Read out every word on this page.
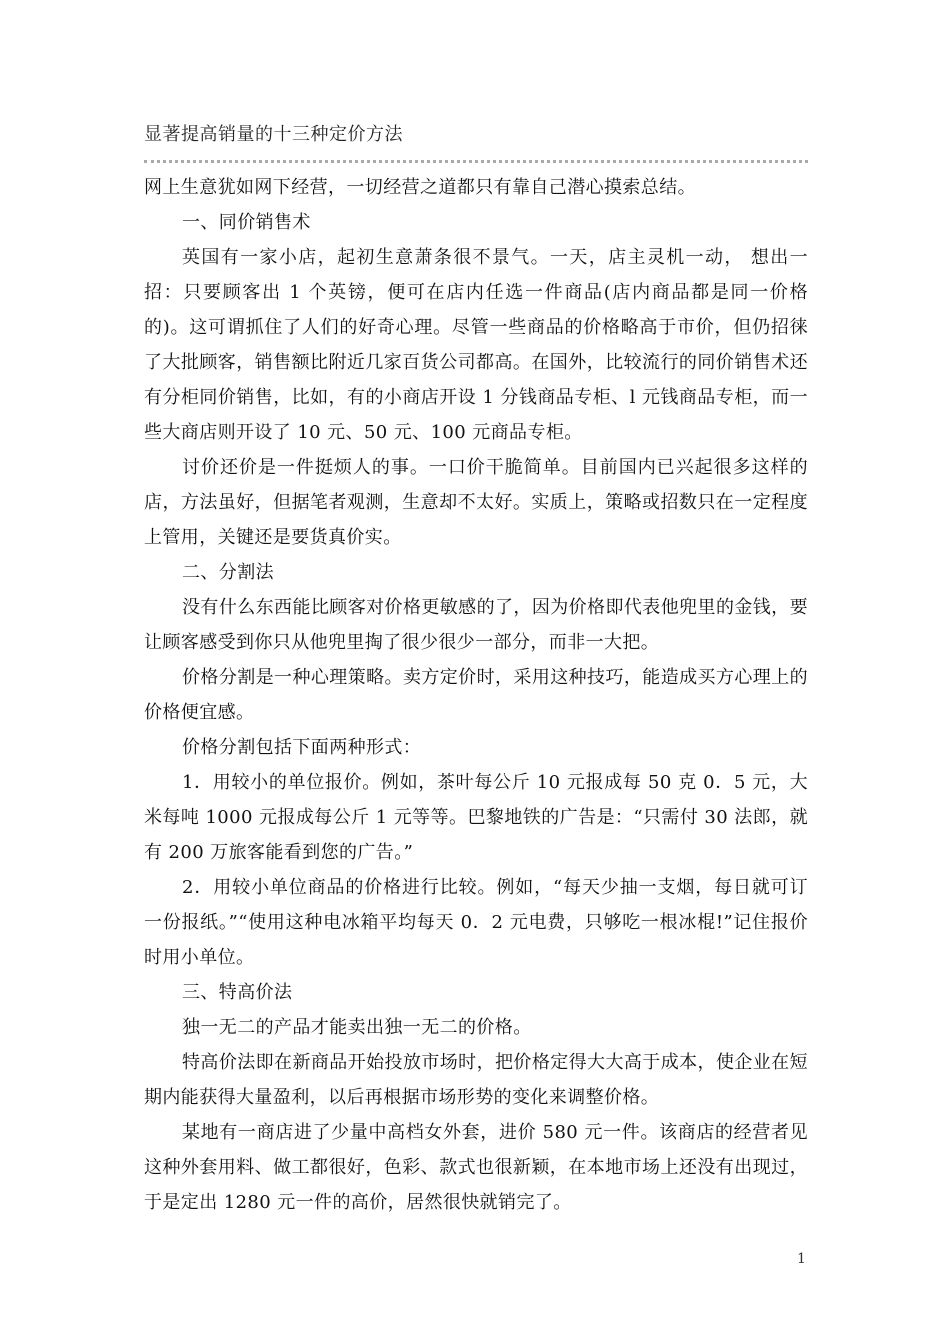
显著提高销量的十三种定价方法

网上生意犹如网下经营，一切经营之道都只有靠自己潜心摸索总结。

一、同价销售术

英国有一家小店，起初生意萧条很不景气。一天，店主灵机一动， 想出一招：只要顾客出 1 个英镑，便可在店内任选一件商品(店内商品都是同一价格的)。这可谓抓住了人们的好奇心理。尽管一些商品的价格略高于市价，但仍招徕了大批顾客，销售额比附近几家百货公司都高。在国外，比较流行的同价销售术还有分柜同价销售，比如，有的小商店开设 1 分钱商品专柜、l 元钱商品专柜，而一些大商店则开设了 10 元、50 元、100 元商品专柜。

讨价还价是一件挺烦人的事。一口价干脆简单。目前国内已兴起很多这样的店，方法虽好，但据笔者观测，生意却不太好。实质上，策略或招数只在一定程度上管用，关键还是要货真价实。

二、分割法

没有什么东西能比顾客对价格更敏感的了，因为价格即代表他兜里的金钱，要让顾客感受到你只从他兜里掏了很少很少一部分，而非一大把。

价格分割是一种心理策略。卖方定价时，采用这种技巧，能造成买方心理上的价格便宜感。

价格分割包括下面两种形式：

1．用较小的单位报价。例如，茶叶每公斤 10 元报成每 50 克 0．5 元，大米每吨 1000 元报成每公斤 1 元等等。巴黎地铁的广告是：“只需付 30 法郎，就有 200 万旅客能看到您的广告。”

2．用较小单位商品的价格进行比较。例如，“每天少抽一支烟，每日就可订一份报纸。”“使用这种电冰箱平均每天 0．2 元电费，只够吃一根冰棍!”记住报价时用小单位。

三、特高价法

独一无二的产品才能卖出独一无二的价格。

特高价法即在新商品开始投放市场时，把价格定得大大高于成本，使企业在短期内能获得大量盈利，以后再根据市场形势的变化来调整价格。

某地有一商店进了少量中高档女外套，进价 580 元一件。该商店的经营者见这种外套用料、做工都很好，色彩、款式也很新颖，在本地市场上还没有出现过，于是定出 1280 元一件的高价，居然很快就销完了。

1
